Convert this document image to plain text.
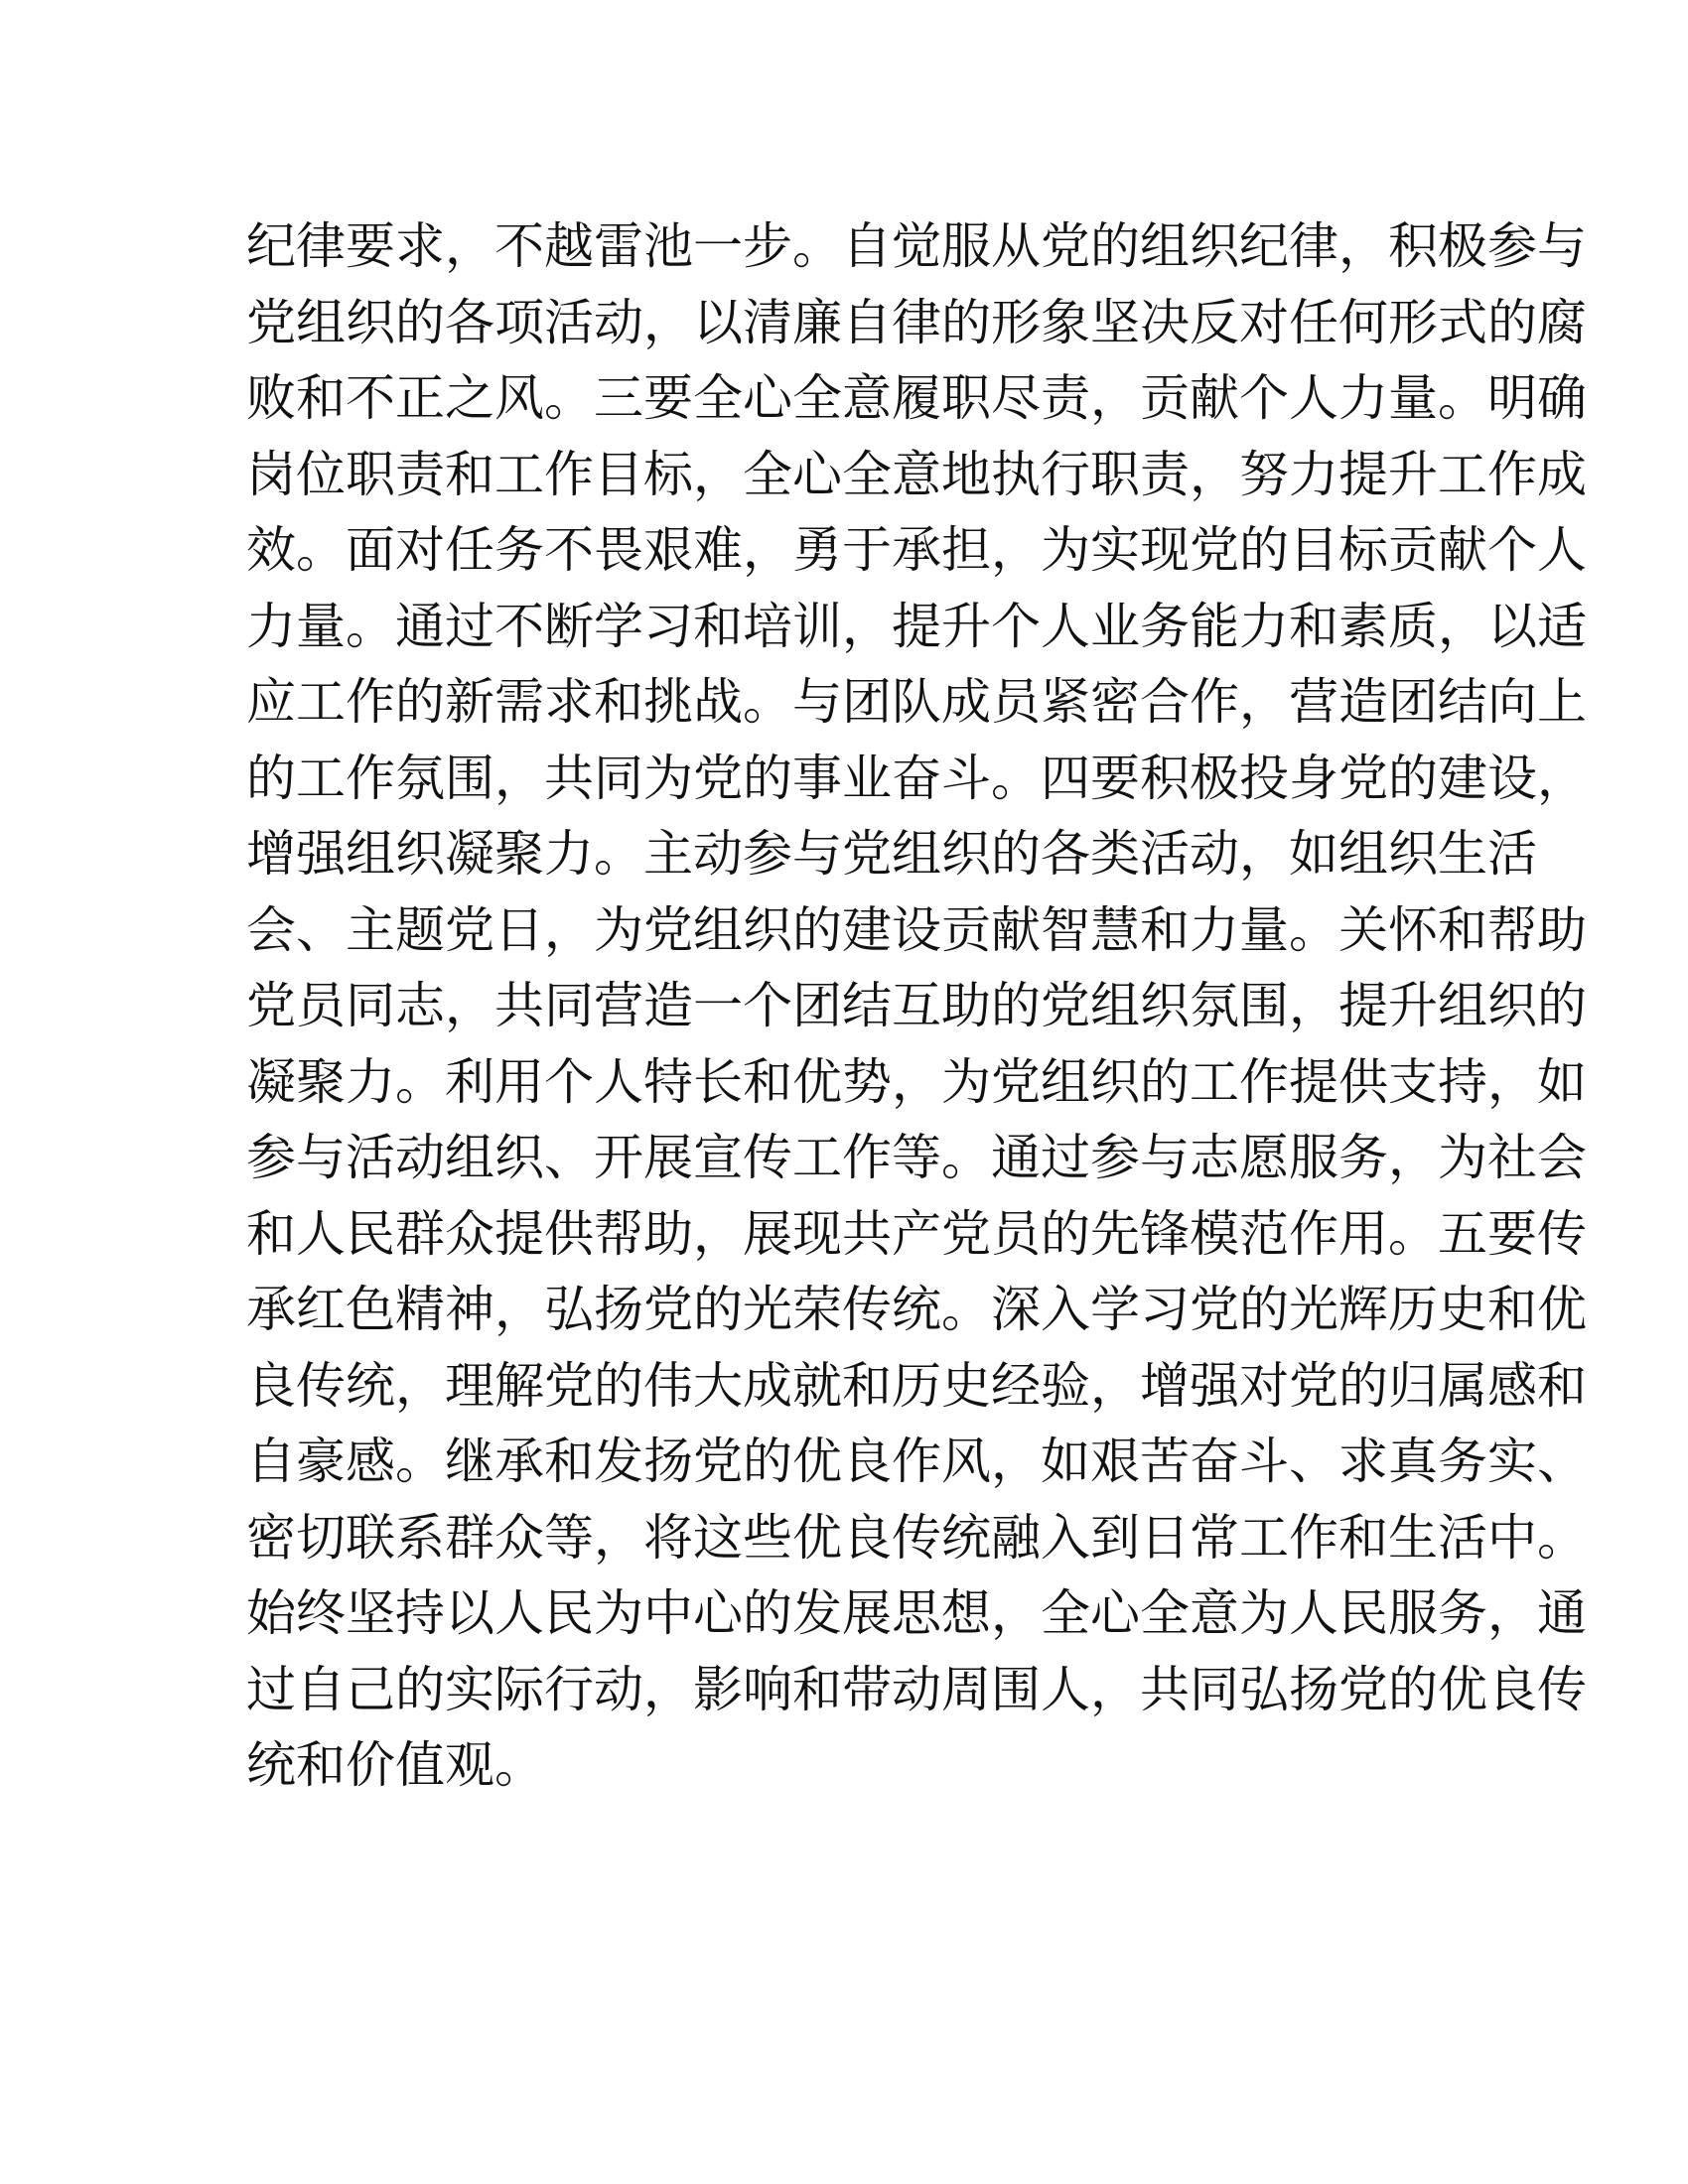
纪律要求，不越雷池一步。自觉服从党的组织纪律，积极参与
党组织的各项活动，以清廉自律的形象坚决反对任何形式的腐
败和不正之风。三要全心全意履职尽责，贡献个人力量。明确
岗位职责和工作目标，全心全意地执行职责，努力提升工作成
效。面对任务不畏艰难，勇于承担，为实现党的目标贡献个人
力量。通过不断学习和培训，提升个人业务能力和素质，以适
应工作的新需求和挑战。与团队成员紧密合作，营造团结向上
的工作氛围，共同为党的事业奋斗。四要积极投身党的建设，
增强组织凝聚力。主动参与党组织的各类活动，如组织生活
会、主题党日，为党组织的建设贡献智慧和力量。关怀和帮助
党员同志，共同营造一个团结互助的党组织氛围，提升组织的
凝聚力。利用个人特长和优势，为党组织的工作提供支持，如
参与活动组织、开展宣传工作等。通过参与志愿服务，为社会
和人民群众提供帮助，展现共产党员的先锋模范作用。五要传
承红色精神，弘扬党的光荣传统。深入学习党的光辉历史和优
良传统，理解党的伟大成就和历史经验，增强对党的归属感和
自豪感。继承和发扬党的优良作风，如艰苦奋斗、求真务实、
密切联系群众等，将这些优良传统融入到日常工作和生活中。
始终坚持以人民为中心的发展思想，全心全意为人民服务，通
过自己的实际行动，影响和带动周围人，共同弘扬党的优良传
统和价值观。
